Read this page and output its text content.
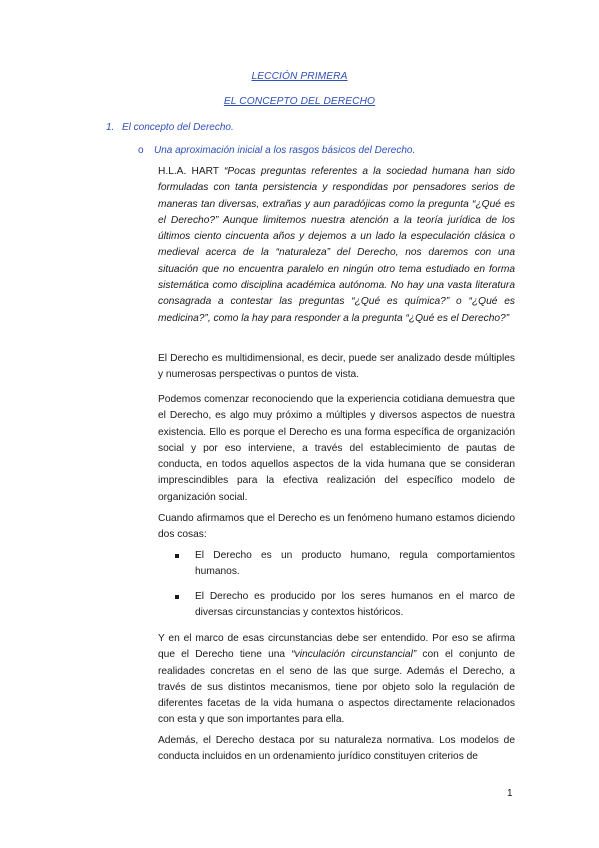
LECCIÓN PRIMERA
EL CONCEPTO DEL DERECHO
1. El concepto del Derecho.
o Una aproximación inicial a los rasgos básicos del Derecho.
H.L.A. HART “Pocas preguntas referentes a la sociedad humana han sido formuladas con tanta persistencia y respondidas por pensadores serios de maneras tan diversas, extrañas y aun paradójicas como la pregunta “¿Qué es el Derecho?” Aunque limitemos nuestra atención a la teoría jurídica de los últimos ciento cincuenta años y dejemos a un lado la especulación clásica o medieval acerca de la “naturaleza” del Derecho, nos daremos con una situación que no encuentra paralelo en ningún otro tema estudiado en forma sistemática como disciplina académica autónoma. No hay una vasta literatura consagrada a contestar las preguntas “¿Qué es química?” o “¿Qué es medicina?”, como la hay para responder a la pregunta “¿Qué es el Derecho?”
El Derecho es multidimensional, es decir, puede ser analizado desde múltiples y numerosas perspectivas o puntos de vista.
Podemos comenzar reconociendo que la experiencia cotidiana demuestra que el Derecho, es algo muy próximo a múltiples y diversos aspectos de nuestra existencia. Ello es porque el Derecho es una forma específica de organización social y por eso interviene, a través del establecimiento de pautas de conducta, en todos aquellos aspectos de la vida humana que se consideran imprescindibles para la efectiva realización del específico modelo de organización social.
Cuando afirmamos que el Derecho es un fenómeno humano estamos diciendo dos cosas:
El Derecho es un producto humano, regula comportamientos humanos.
El Derecho es producido por los seres humanos en el marco de diversas circunstancias y contextos históricos.
Y en el marco de esas circunstancias debe ser entendido. Por eso se afirma que el Derecho tiene una “vinculación circunstancial” con el conjunto de realidades concretas en el seno de las que surge. Además el Derecho, a través de sus distintos mecanismos, tiene por objeto solo la regulación de diferentes facetas de la vida humana o aspectos directamente relacionados con esta y que son importantes para ella.
Además, el Derecho destaca por su naturaleza normativa. Los modelos de conducta incluidos en un ordenamiento jurídico constituyen criterios de
1
